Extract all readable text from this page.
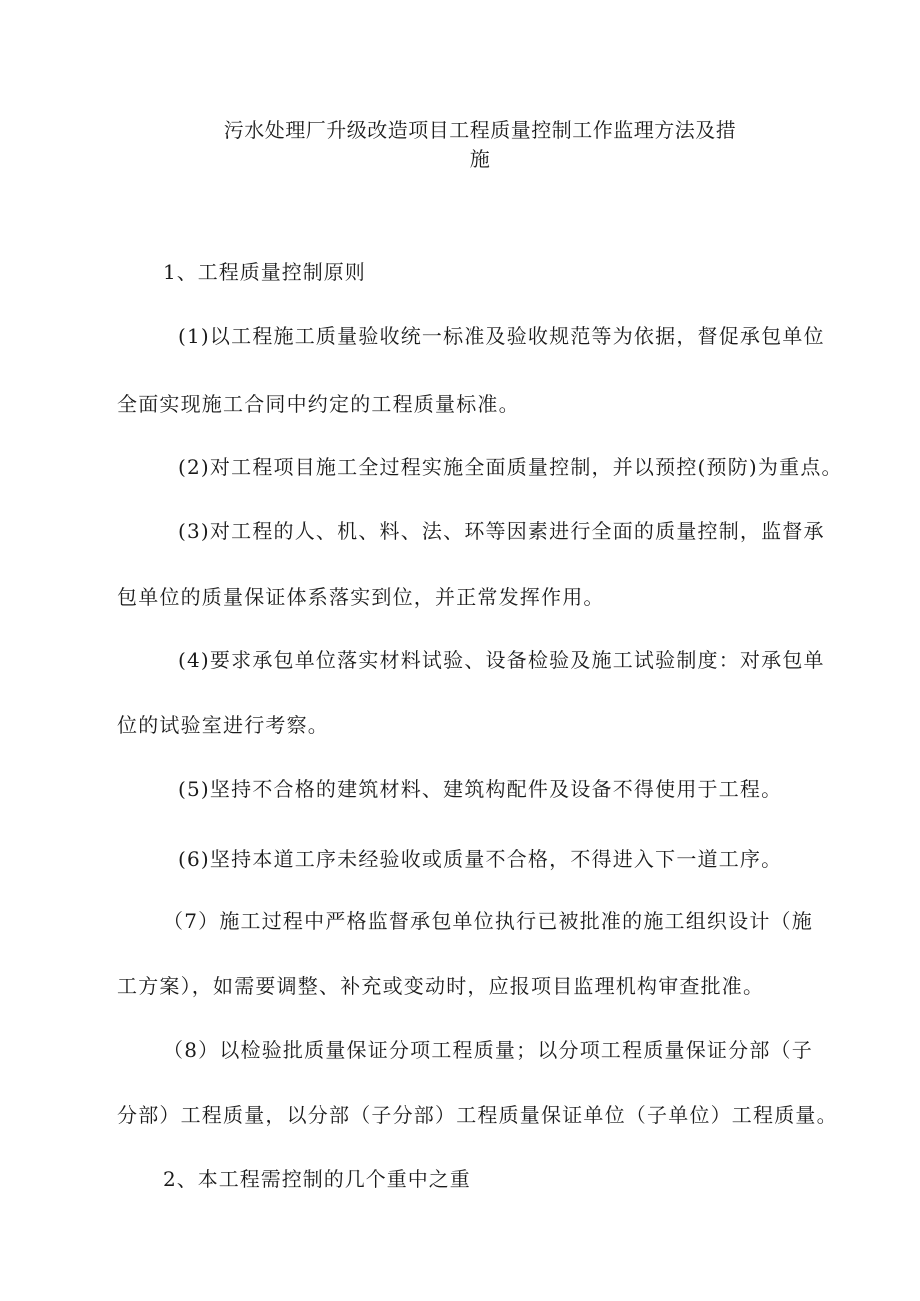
污水处理厂升级改造项目工程质量控制工作监理方法及措
施
1、工程质量控制原则
(1)以工程施工质量验收统一标准及验收规范等为依据，督促承包单位
全面实现施工合同中约定的工程质量标准。
(2)对工程项目施工全过程实施全面质量控制，并以预控(预防)为重点。
(3)对工程的人、机、料、法、环等因素进行全面的质量控制，监督承
包单位的质量保证体系落实到位，并正常发挥作用。
(4)要求承包单位落实材料试验、设备检验及施工试验制度：对承包单
位的试验室进行考察。
(5)坚持不合格的建筑材料、建筑构配件及设备不得使用于工程。
(6)坚持本道工序未经验收或质量不合格，不得进入下一道工序。
（7）施工过程中严格监督承包单位执行已被批准的施工组织设计（施
工方案），如需要调整、补充或变动时，应报项目监理机构审查批准。
（8）以检验批质量保证分项工程质量；以分项工程质量保证分部（子
分部）工程质量，以分部（子分部）工程质量保证单位（子单位）工程质量。
2、本工程需控制的几个重中之重
